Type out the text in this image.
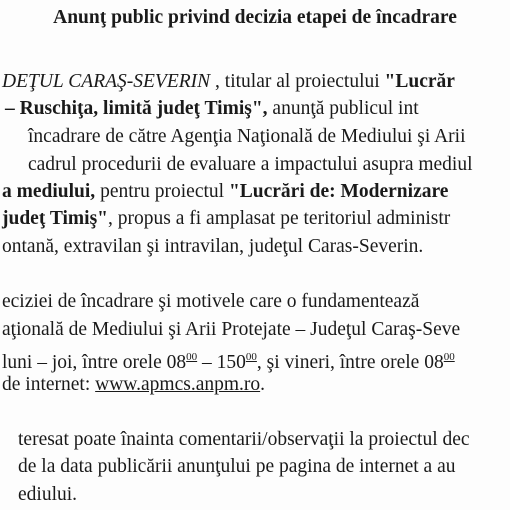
Anunţ public privind decizia etapei de încadrare
DEŢUL CARAŞ-SEVERIN , titular al proiectului "Lucrăr
– Ruschiţa, limită judeţ Timiş", anunţă publicul int
încadrare de către Agenţia Naţională de Mediului şi Arii
cadrul procedurii de evaluare a impactului asupra mediul
a mediului, pentru proiectul "Lucrări de: Modernizare
judeţ Timiş", propus a fi amplasat pe teritoriul administr
ontană, extravilan şi intravilan, judeţul Caras-Severin.
eciziei de încadrare şi motivele care o fundamentează
aţională de Mediului şi Arii Protejate – Judeţul Caraş-Seve
luni – joi, între orele $08^{00} - 150^{00}$, şi vineri, între orele $08^{00}$
de internet: www.apmcs.anpm.ro.
teresat poate înainta comentarii/observaţii la proiectul dec
de la data publicării anunţului pe pagina de internet a au
ediului.
